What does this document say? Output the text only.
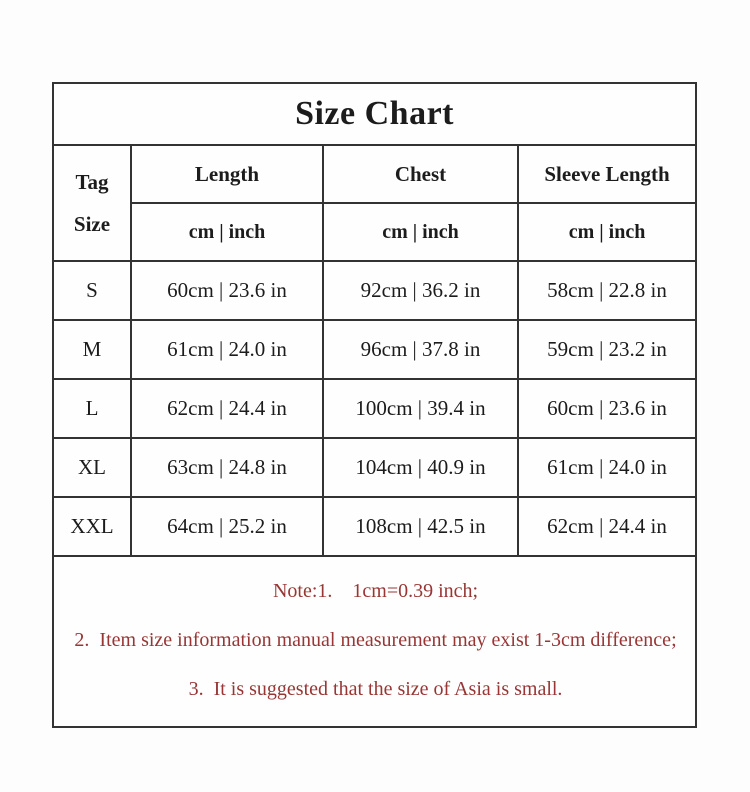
Size Chart			

Tag
Size	Length	Chest	Sleeve Length
	cm | inch	cm | inch	cm | inch
S	60cm | 23.6 in	92cm | 36.2 in	58cm | 22.8 in
M	61cm | 24.0 in	96cm | 37.8 in	59cm | 23.2 in
L	62cm | 24.4 in	100cm | 39.4 in	60cm | 23.6 in
XL	63cm | 24.8 in	104cm | 40.9 in	61cm | 24.0 in
XXL	64cm | 25.2 in	108cm | 42.5 in	62cm | 24.4 in

Note:1.    1cm=0.39 inch;

2.  Item size information manual measurement may exist 1-3cm difference;

3.  It is suggested that the size of Asia is small.			
